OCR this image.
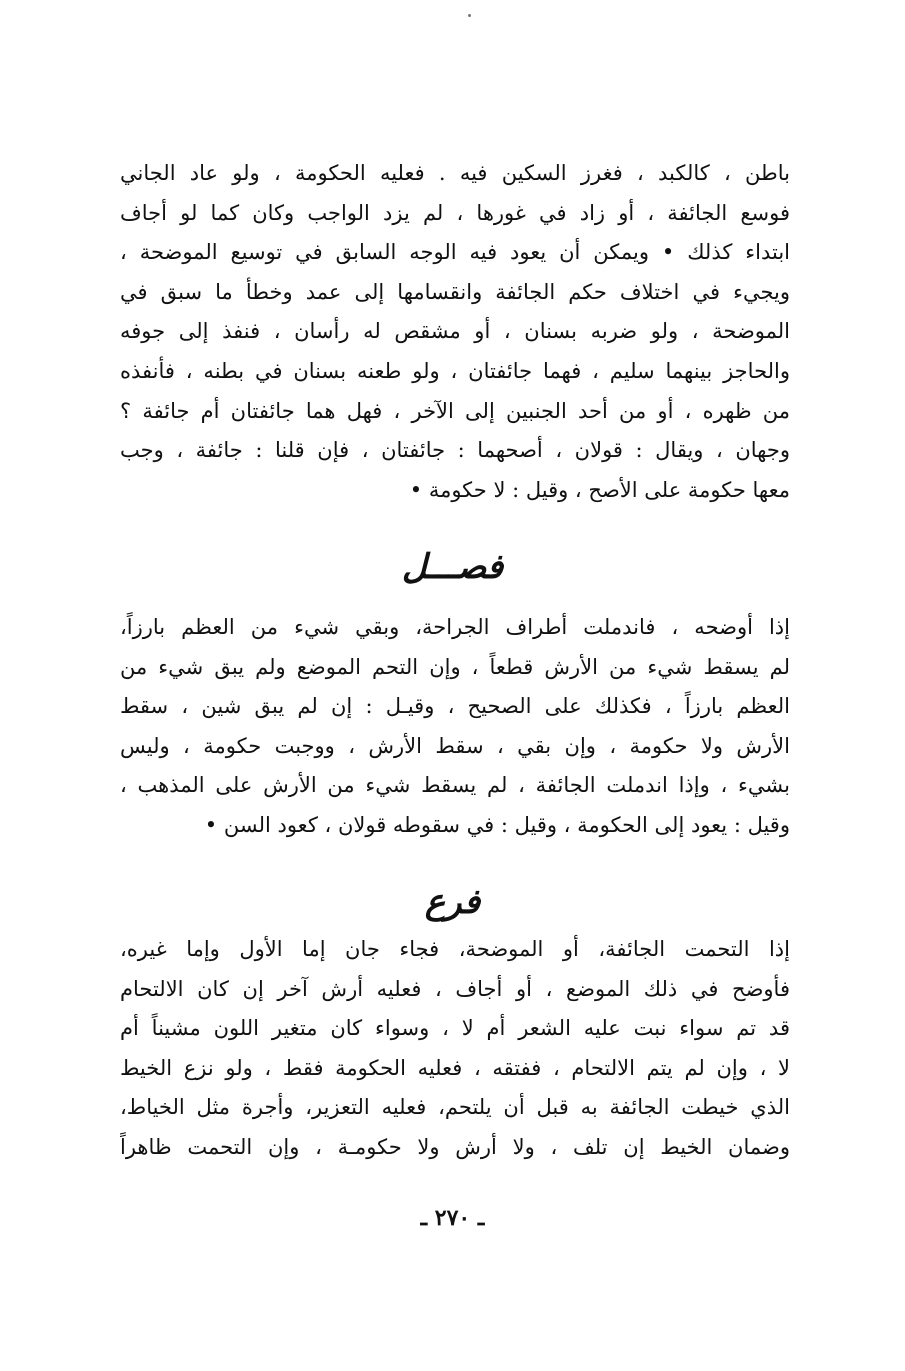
باطن ، كالكبد ، فغرز السكين فيه . فعليه الحكومة ، ولو عاد الجاني
فوسع الجائفة ، أو زاد في غورها ، لم يزد الواجب وكان كما لو أجاف
ابتداء كذلك • ويمكن أن يعود فيه الوجه السابق في توسيع الموضحة ،
ويجيء في اختلاف حكم الجائفة وانقسامها إلى عمد وخطأ ما سبق في
الموضحة ، ولو ضربه بسنان ، أو مشقص له رأسان ، فنفذ إلى جوفه
والحاجز بينهما سليم ، فهما جائفتان ، ولو طعنه بسنان في بطنه ، فأنفذه
من ظهره ، أو من أحد الجنبين إلى الآخر ، فهل هما جائفتان أم جائفة ؟
وجهان ، ويقال : قولان ، أصحهما : جائفتان ، فإن قلنا : جائفة ، وجب
معها حكومة على الأصح ، وقيل : لا حكومة •
فصـــل
إذا أوضحه ، فاندملت أطراف الجراحة، وبقي شيء من العظم بارزاً،
لم يسقط شيء من الأرش قطعاً ، وإن التحم الموضع ولم يبق شيء من
العظم بارزاً ، فكذلك على الصحيح ، وقيـل : إن لم يبق شين ، سقط
الأرش ولا حكومة ، وإن بقي ، سقط الأرش ، ووجبت حكومة ، وليس
بشيء ، وإذا اندملت الجائفة ، لم يسقط شيء من الأرش على المذهب ،
وقيل : يعود إلى الحكومة ، وقيل : في سقوطه قولان ، كعود السن •
فرع
إذا التحمت الجائفة، أو الموضحة، فجاء جان إما الأول وإما غيره،
فأوضح في ذلك الموضع ، أو أجاف ، فعليه أرش آخر إن كان الالتحام
قد تم سواء نبت عليه الشعر أم لا ، وسواء كان متغير اللون مشيناً أم
لا ، وإن لم يتم الالتحام ، ففتقه ، فعليه الحكومة فقط ، ولو نزع الخيط
الذي خيطت الجائفة به قبل أن يلتحم، فعليه التعزير، وأجرة مثل الخياط،
وضمان الخيط إن تلف ، ولا أرش ولا حكومـة ، وإن التحمت ظاهراً
ـ ٢٧٠ ـ
